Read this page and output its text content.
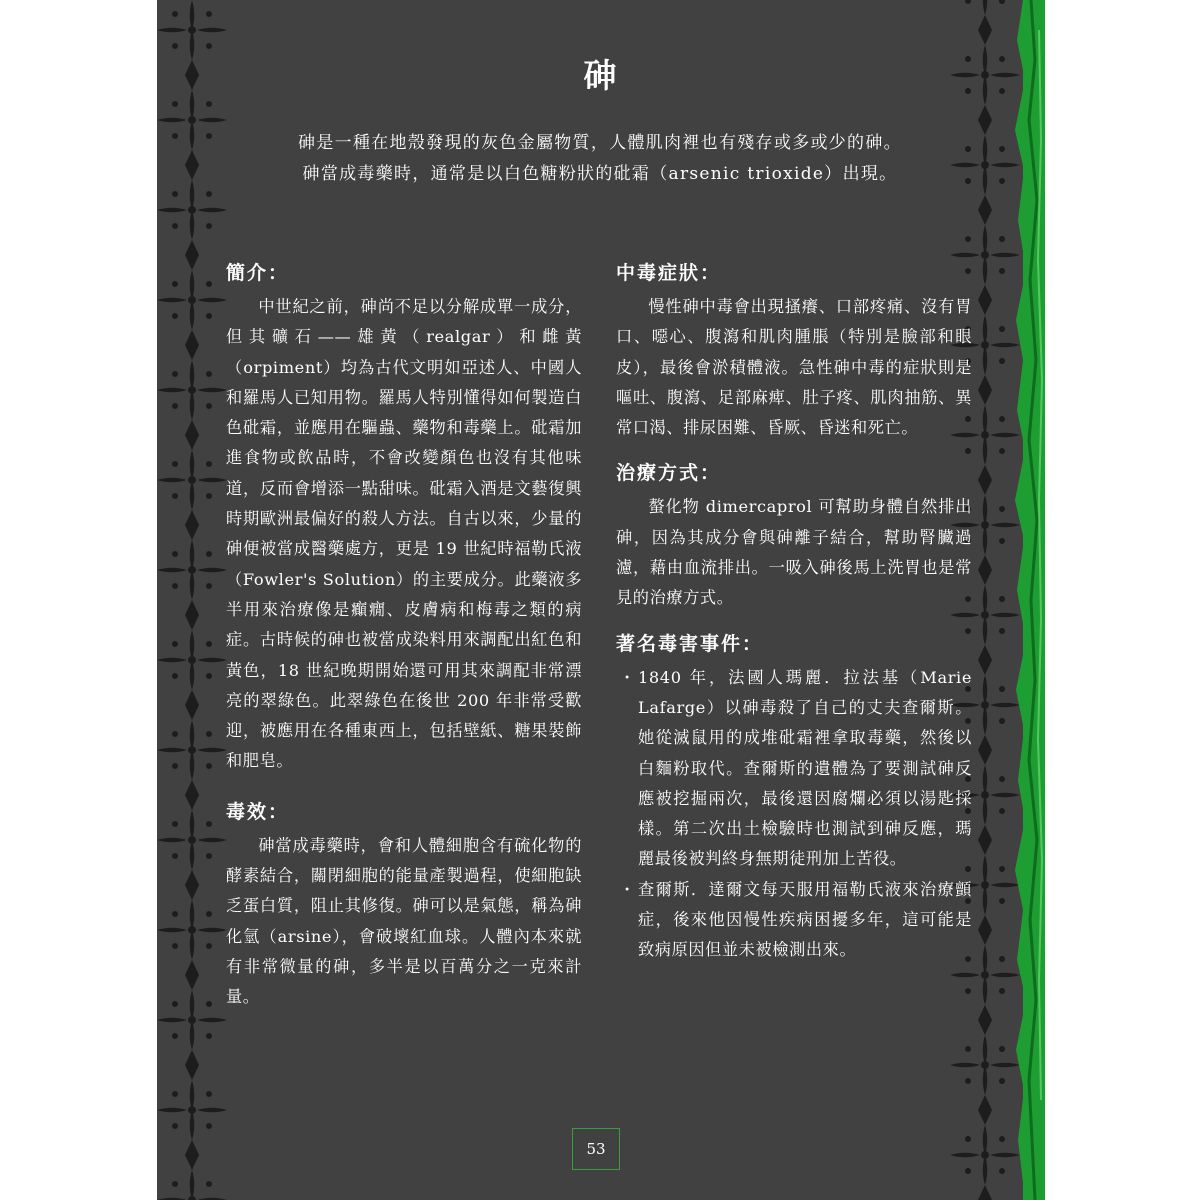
砷
砷是一種在地殼發現的灰色金屬物質，人體肌肉裡也有殘存或多或少的砷。
砷當成毒藥時，通常是以白色糖粉狀的砒霜（arsenic trioxide）出現。
簡介：

中世紀之前，砷尚不足以分解成單一成分，但其礦石——雄黃（realgar）和雌黃（orpiment）均為古代文明如亞述人、中國人和羅馬人已知用物。羅馬人特別懂得如何製造白色砒霜，並應用在驅蟲、藥物和毒藥上。砒霜加進食物或飲品時，不會改變顏色也沒有其他味道，反而會增添一點甜味。砒霜入酒是文藝復興時期歐洲最偏好的殺人方法。自古以來，少量的砷便被當成醫藥處方，更是 19 世紀時福勒氏液（Fowler's Solution）的主要成分。此藥液多半用來治療像是癲癇、皮膚病和梅毒之類的病症。古時候的砷也被當成染料用來調配出紅色和黃色，18 世紀晚期開始還可用其來調配非常漂亮的翠綠色。此翠綠色在後世 200 年非常受歡迎，被應用在各種東西上，包括壁紙、糖果裝飾和肥皂。

毒效：

砷當成毒藥時，會和人體細胞含有硫化物的酵素結合，關閉細胞的能量產製過程，使細胞缺乏蛋白質，阻止其修復。砷可以是氣態，稱為砷化氫（arsine），會破壞紅血球。人體內本來就有非常微量的砷，多半是以百萬分之一克來計量。

中毒症狀：

慢性砷中毒會出現搔癢、口部疼痛、沒有胃口、噁心、腹瀉和肌肉腫脹（特別是臉部和眼皮），最後會淤積體液。急性砷中毒的症狀則是嘔吐、腹瀉、足部麻痺、肚子疼、肌肉抽筋、異常口渴、排尿困難、昏厥、昏迷和死亡。

治療方式：

螯化物 dimercaprol 可幫助身體自然排出砷，因為其成分會與砷離子結合，幫助腎臟過濾，藉由血流排出。一吸入砷後馬上洗胃也是常見的治療方式。

著名毒害事件：
・ 1840 年，法國人瑪麗．拉法基（Marie Lafarge）以砷毒殺了自己的丈夫查爾斯。她從滅鼠用的成堆砒霜裡拿取毒藥，然後以白麵粉取代。查爾斯的遺體為了要測試砷反應被挖掘兩次，最後還因腐爛必須以湯匙採樣。第二次出土檢驗時也測試到砷反應，瑪麗最後被判終身無期徒刑加上苦役。
・ 查爾斯．達爾文每天服用福勒氏液來治療顫症，後來他因慢性疾病困擾多年，這可能是致病原因但並未被檢測出來。
53
